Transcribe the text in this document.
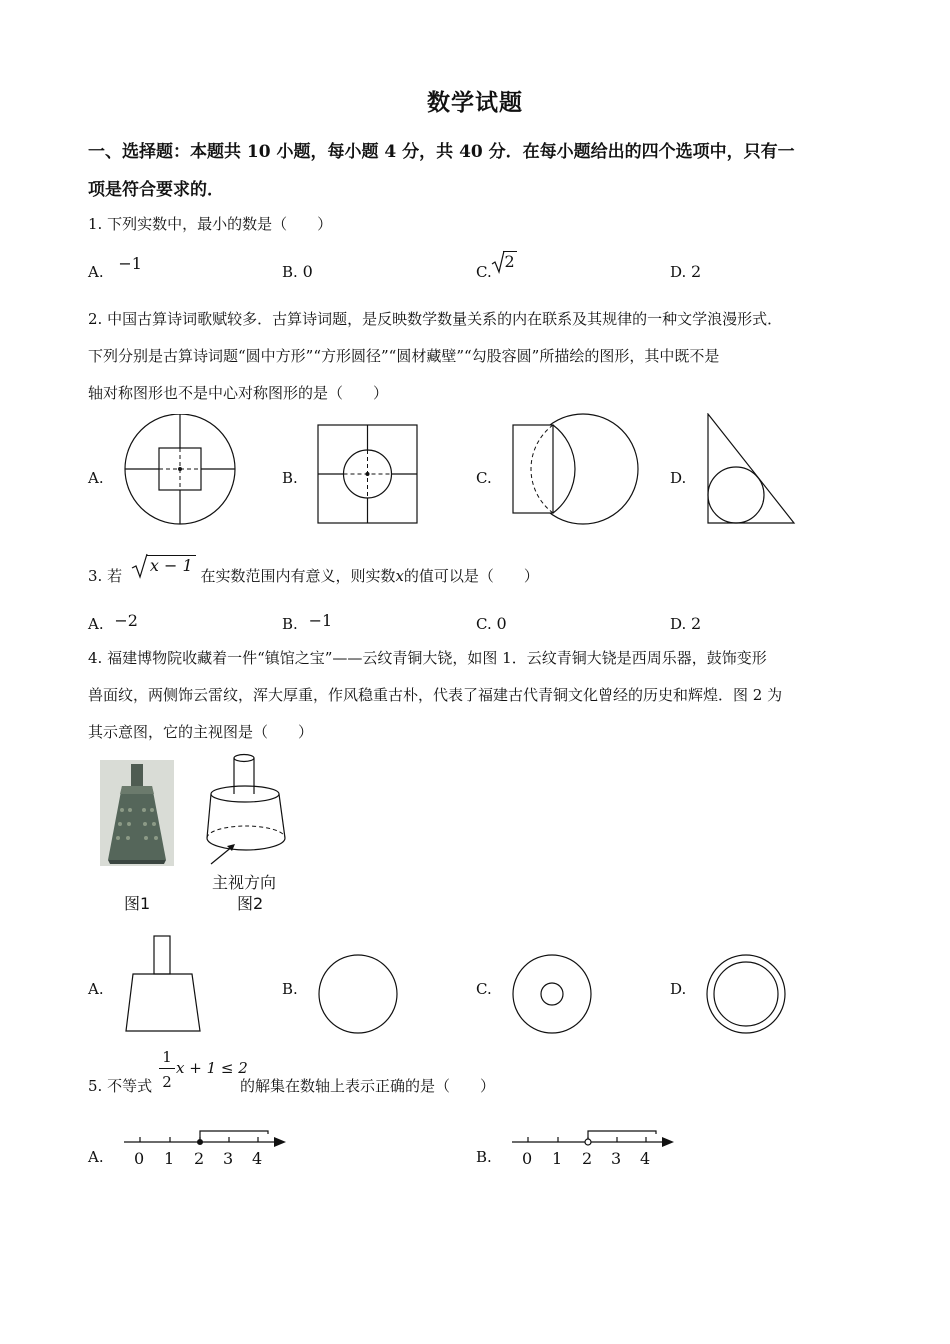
数学试题
一、选择题：本题共 10 小题，每小题 4 分，共 40 分．在每小题给出的四个选项中，只有一
项是符合要求的．
1. 下列实数中，最小的数是（　　）
A. −1	B. 0	C.
2
D. 2
2. 中国古算诗词歌赋较多．古算诗词题，是反映数学数量关系的内在联系及其规律的一种文学浪漫形式．
下列分别是古算诗词题“圆中方形”“方形圆径”“圆材藏壁”“勾股容圆”所描绘的图形，其中既不是
轴对称图形也不是中心对称图形的是（　　）
A.	B.	C.	D.
3. 若
x − 1 在实数范围内有意义，则实数x的值可以是（　　）
A. −2	B. −1	C. 0	D. 2
4. 福建博物院收藏着一件“镇馆之宝”——云纹青铜大铙，如图 1．云纹青铜大铙是西周乐器，鼓饰变形
兽面纹，两侧饰云雷纹，浑大厚重，作风稳重古朴，代表了福建古代青铜文化曾经的历史和辉煌．图 2 为
其示意图，它的主视图是（　　）
图1
主视方向
图2
A.	B.	C.	D.
5. 不等式
1
2
x + 1 ≤ 2
的解集在数轴上表示正确的是（　　）
A. 0 1 2 3 4	B. 0 1 2 3 4
